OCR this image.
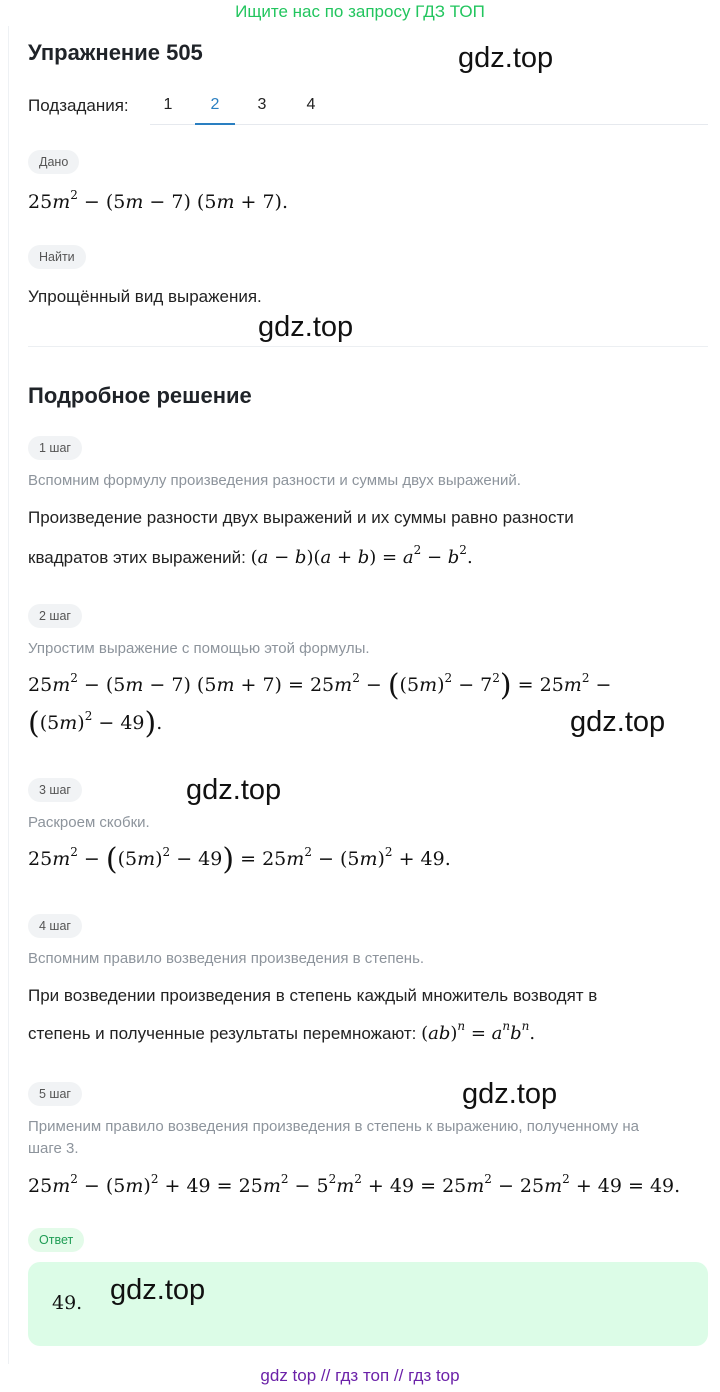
Ищите нас по запросу ГДЗ ТОП
Упражнение 505
Подзадания:	1	2	3	4
Дано
$25m^2 - (5m - 7) (5m + 7)$.
Найти
Упрощённый вид выражения.
gdz.top
gdz.top
Подробное решение
1 шаг
Вспомним формулу произведения разности и суммы двух выражений.
Произведение разности двух выражений и их суммы равно разности
квадратов этих выражений: $(a - b)(a + b) = a^2 - b^2$.
2 шаг
Упростим выражение с помощью этой формулы.
$25m^2 - (5m - 7) (5m + 7) = 25m^2 - ((5m)^2 - 7^2) = 25m^2$ −
$((5m)^2 - 49)$.	gdz.top
3 шаг	gdz.top
Раскроем скобки.
$25m^2 - ((5m)^2 - 49) = 25m^2 - (5m)^2 + 49$.
4 шаг
Вспомним правило возведения произведения в степень.
При возведении произведения в степень каждый множитель возводят в
степень и полученные результаты перемножают: $(ab)^n = a^nb^n$.
5 шаг	gdz.top
Применим правило возведения произведения в степень к выражению, полученному на
шаге 3.
$25m^2 - (5m)^2 + 49 = 25m^2 - 5^2m^2 + 49 = 25m^2 - 25m^2 + 49 = 49$.
Ответ
49. gdz.top
gdz top // гдз топ // гдз top
